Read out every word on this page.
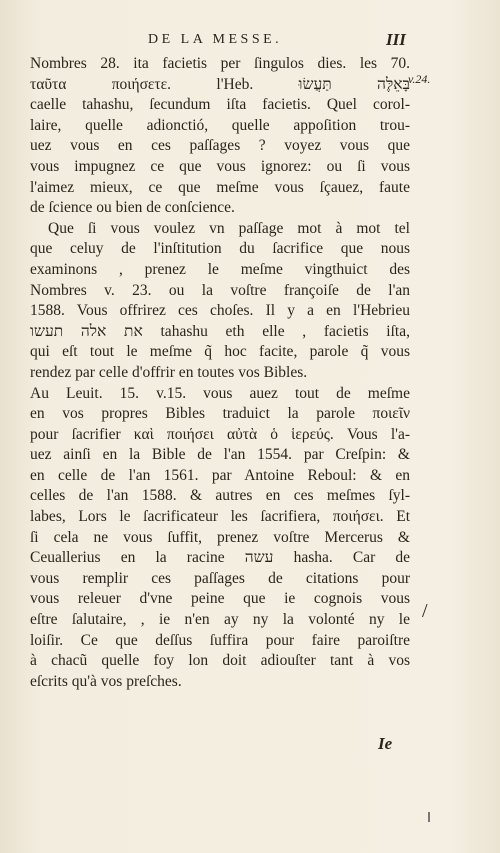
DE LA MESSE.	III
v.24.
Nombres 28. ita facietis per ſingulos dies. les 70.
ταῦτα ποιήσετε. l'Heb. בָּאֵלֶּה תַּעֲשׂוּ
caelle tahashu, ſecundum iſta facietis. Quel corol-
laire, quelle adionctió, quelle appoſition trou-
uez vous en ces paſſages ? voyez vous que
vous impugnez ce que vous ignorez: ou ſi vous
l'aimez mieux, ce que meſme vous ſçauez, faute
de ſcience ou bien de conſcience.
Que ſi vous voulez vn paſſage mot à mot tel
que celuy de l'inſtitution du ſacrifice que nous
examinons , prenez le meſme vingthuict des
Nombres v. 23. ou la voſtre françoiſe de l'an
1588. Vous offrirez ces choſes. Il y a en l'Hebrieu
את אלה תעשו tahashu eth elle , facietis iſta,
qui eſt tout le meſme q̃ hoc facite, parole q̃ vous
rendez par celle d'offrir en toutes vos Bibles.
Au Leuit. 15. v.15. vous auez tout de meſme
en vos propres Bibles traduict la parole ποιεῖν
pour ſacrifier καὶ ποιήσει αὐτὰ ὁ ἱερεύς. Vous l'a-
uez ainſi en la Bible de l'an 1554. par Creſpin: &
en celle de l'an 1561. par Antoine Reboul: & en
celles de l'an 1588. & autres en ces meſmes ſyl-
labes, Lors le ſacrificateur les ſacrifiera, ποιήσει. Et
ſi cela ne vous ſuffit, prenez voſtre Mercerus &
Ceuallerius en la racine עשה hasha. Car de
vous remplir ces paſſages de citations pour
vous releuer d'vne peine que ie cognois vous
eſtre ſalutaire, , ie n'en ay ny la volonté ny le
loiſir. Ce que deſſus ſuffira pour faire paroiſtre
à chacũ quelle foy lon doit adiouſter tant à vos
eſcrits qu'à vos preſches.
/
Ie
